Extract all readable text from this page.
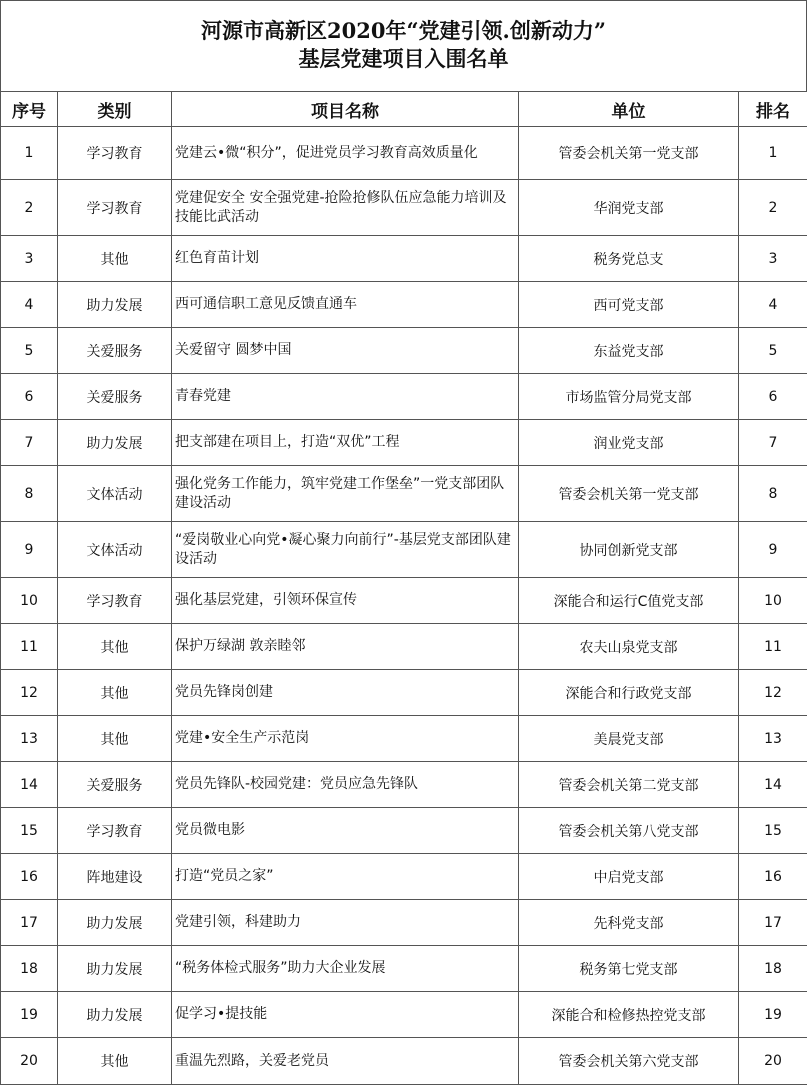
河源市高新区2020年“党建引领.创新动力”
基层党建项目入围名单
序号	类别	项目名称	单位	排名
1	学习教育	党建云•微“积分”，促进党员学习教育高效质量化	管委会机关第一党支部	1
2	学习教育	党建促安全 安全强党建-抢险抢修队伍应急能力培训及技能比武活动	华润党支部	2
3	其他	红色育苗计划	税务党总支	3
4	助力发展	西可通信职工意见反馈直通车	西可党支部	4
5	关爱服务	关爱留守 圆梦中国	东益党支部	5
6	关爱服务	青春党建	市场监管分局党支部	6
7	助力发展	把支部建在项目上，打造“双优”工程	润业党支部	7
8	文体活动	强化党务工作能力，筑牢党建工作堡垒”一党支部团队建设活动	管委会机关第一党支部	8
9	文体活动	“爱岗敬业心向党•凝心聚力向前行”-基层党支部团队建设活动	协同创新党支部	9
10	学习教育	强化基层党建，引领环保宣传	深能合和运行C值党支部	10
11	其他	保护万绿湖 敦亲睦邻	农夫山泉党支部	11
12	其他	党员先锋岗创建	深能合和行政党支部	12
13	其他	党建•安全生产示范岗	美晨党支部	13
14	关爱服务	党员先锋队-校园党建：党员应急先锋队	管委会机关第二党支部	14
15	学习教育	党员微电影	管委会机关第八党支部	15
16	阵地建设	打造“党员之家”	中启党支部	16
17	助力发展	党建引领，科建助力	先科党支部	17
18	助力发展	“税务体检式服务”助力大企业发展	税务第七党支部	18
19	助力发展	促学习•提技能	深能合和检修热控党支部	19
20	其他	重温先烈路，关爱老党员	管委会机关第六党支部	20
